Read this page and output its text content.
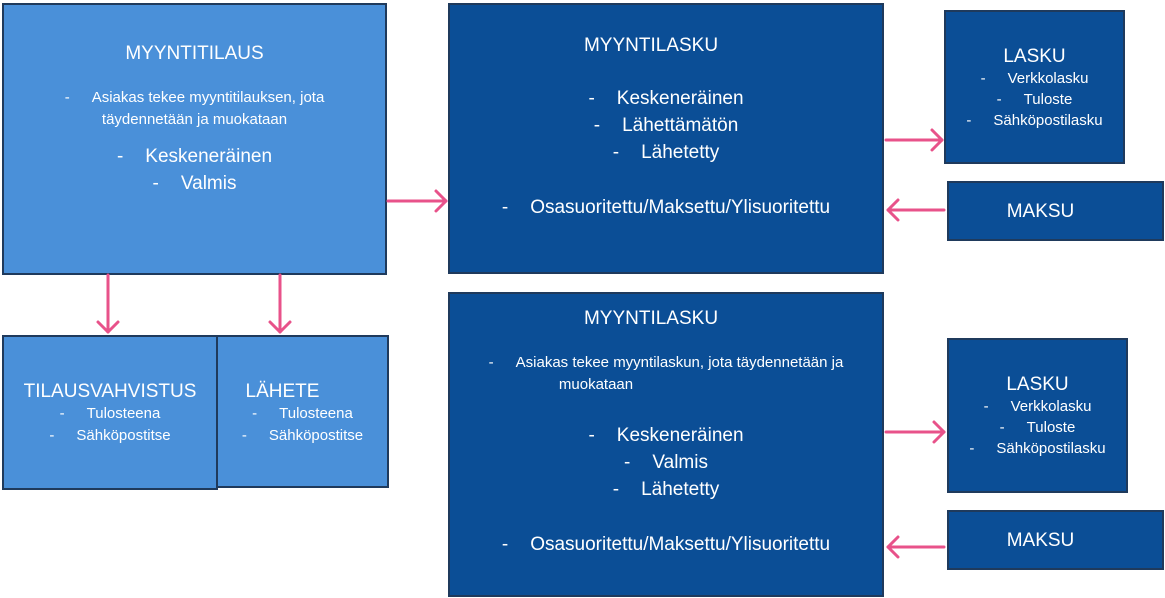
MYYNTITILAUS
- Asiakas tekee myyntitilauksen, jota
täydennetään ja muokataan
- Keskeneräinen
- Valmis
TILAUSVAHVISTUS
- Tulosteena
- Sähköpostitse
LÄHETE
- Tulosteena
- Sähköpostitse
MYYNTILASKU
- Keskeneräinen
- Lähettämätön
- Lähetetty
- Osasuoritettu/Maksettu/Ylisuoritettu
MYYNTILASKU
- Asiakas tekee myyntilaskun, jota täydennetään ja
muokataan
- Keskeneräinen
- Valmis
- Lähetetty
- Osasuoritettu/Maksettu/Ylisuoritettu
LASKU
- Verkkolasku
- Tuloste
- Sähköpostilasku
LASKU
- Verkkolasku
- Tuloste
- Sähköpostilasku
MAKSU
MAKSU
